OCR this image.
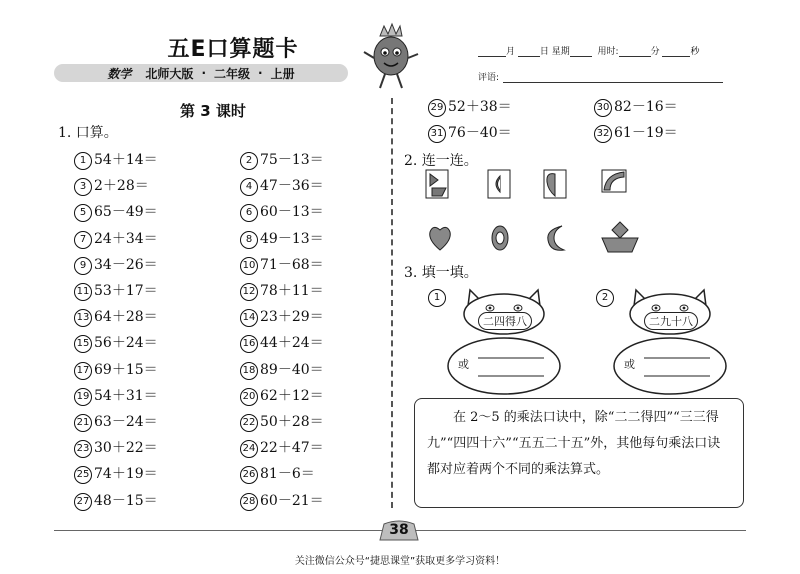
五E口算题卡
数学 北师大版 · 二年级 · 上册
月	日 星期	用时:	分	秒
评语:
第 3 课时
1. 口算。
1 54＋14＝	2 75－13＝
3 2＋28＝	4 47－36＝
5 65－49＝	6 60－13＝
7 24＋34＝	8 49－13＝
9 34－26＝	10 71－68＝
11 53＋17＝	12 78＋11＝
13 64＋28＝	14 23＋29＝
15 56＋24＝	16 44＋24＝
17 69＋15＝	18 89－40＝
19 54＋31＝	20 62＋12＝
21 63－24＝	22 50＋28＝
23 30＋22＝	24 22＋47＝
25 74＋19＝	26 81－6＝
27 48－15＝	28 60－21＝
29 52＋38＝	30 82－16＝
31 76－40＝	32 61－19＝
2. 连一连。
3. 填一填。
1
二四得八
或
2
二九十八
或

在 2～5 的乘法口诀中，除“二二得四”“三三得九”“四四十六”“五五二十五”外，其他每句乘法口诀都对应着两个不同的乘法算式。

38
关注微信公众号“捷思课堂”获取更多学习资料！
